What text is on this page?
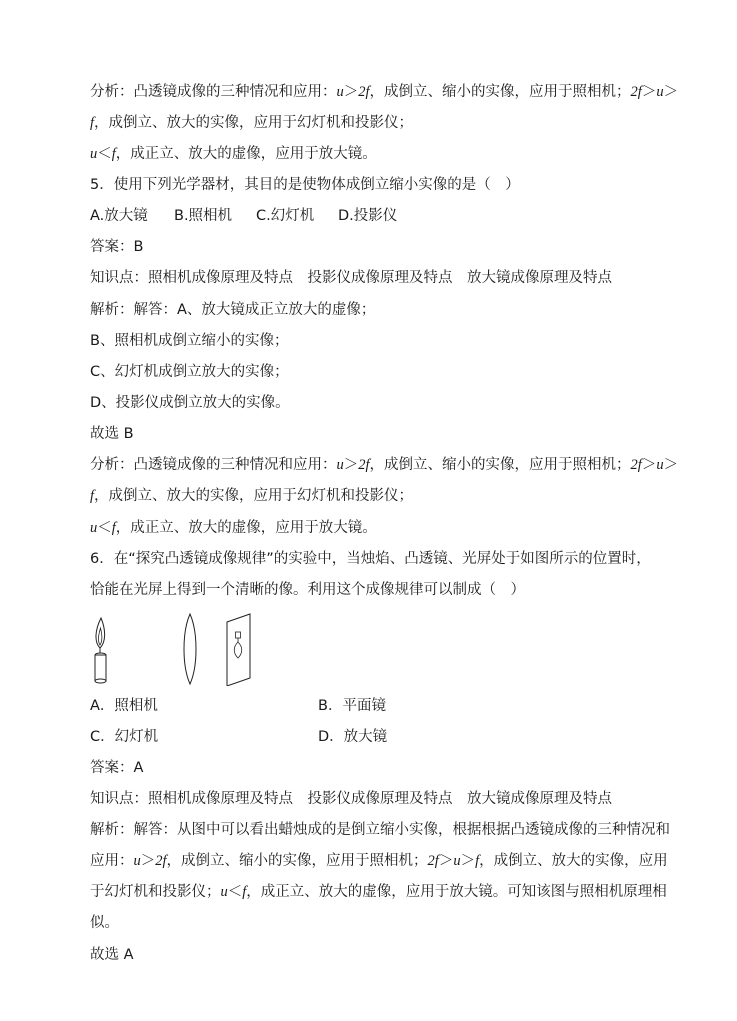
分析：凸透镜成像的三种情况和应用：u＞2f，成倒立、缩小的实像，应用于照相机；2f＞u＞
f，成倒立、放大的实像，应用于幻灯机和投影仪；
u＜f，成正立、放大的虚像，应用于放大镜。
5．使用下列光学器材，其目的是使物体成倒立缩小实像的是（　）
A.放大镜 B.照相机 C.幻灯机 D.投影仪
答案：B
知识点：照相机成像原理及特点　投影仪成像原理及特点　放大镜成像原理及特点
解析：解答：A、放大镜成正立放大的虚像；
B、照相机成倒立缩小的实像；
C、幻灯机成倒立放大的实像；
D、投影仪成倒立放大的实像。
故选 B
分析：凸透镜成像的三种情况和应用：u＞2f，成倒立、缩小的实像，应用于照相机；2f＞u＞
f，成倒立、放大的实像，应用于幻灯机和投影仪；
u＜f，成正立、放大的虚像，应用于放大镜。
6．在“探究凸透镜成像规律”的实验中，当烛焰、凸透镜、光屏处于如图所示的位置时，
恰能在光屏上得到一个清晰的像。利用这个成像规律可以制成（　）
A．照相机	B．平面镜
C．幻灯机	D．放大镜
答案：A
知识点：照相机成像原理及特点　投影仪成像原理及特点　放大镜成像原理及特点
解析：解答：从图中可以看出蜡烛成的是倒立缩小实像，根据根据凸透镜成像的三种情况和
应用：u＞2f，成倒立、缩小的实像，应用于照相机；2f＞u＞f，成倒立、放大的实像，应用
于幻灯机和投影仪；u＜f，成正立、放大的虚像，应用于放大镜。可知该图与照相机原理相
似。
故选 A
